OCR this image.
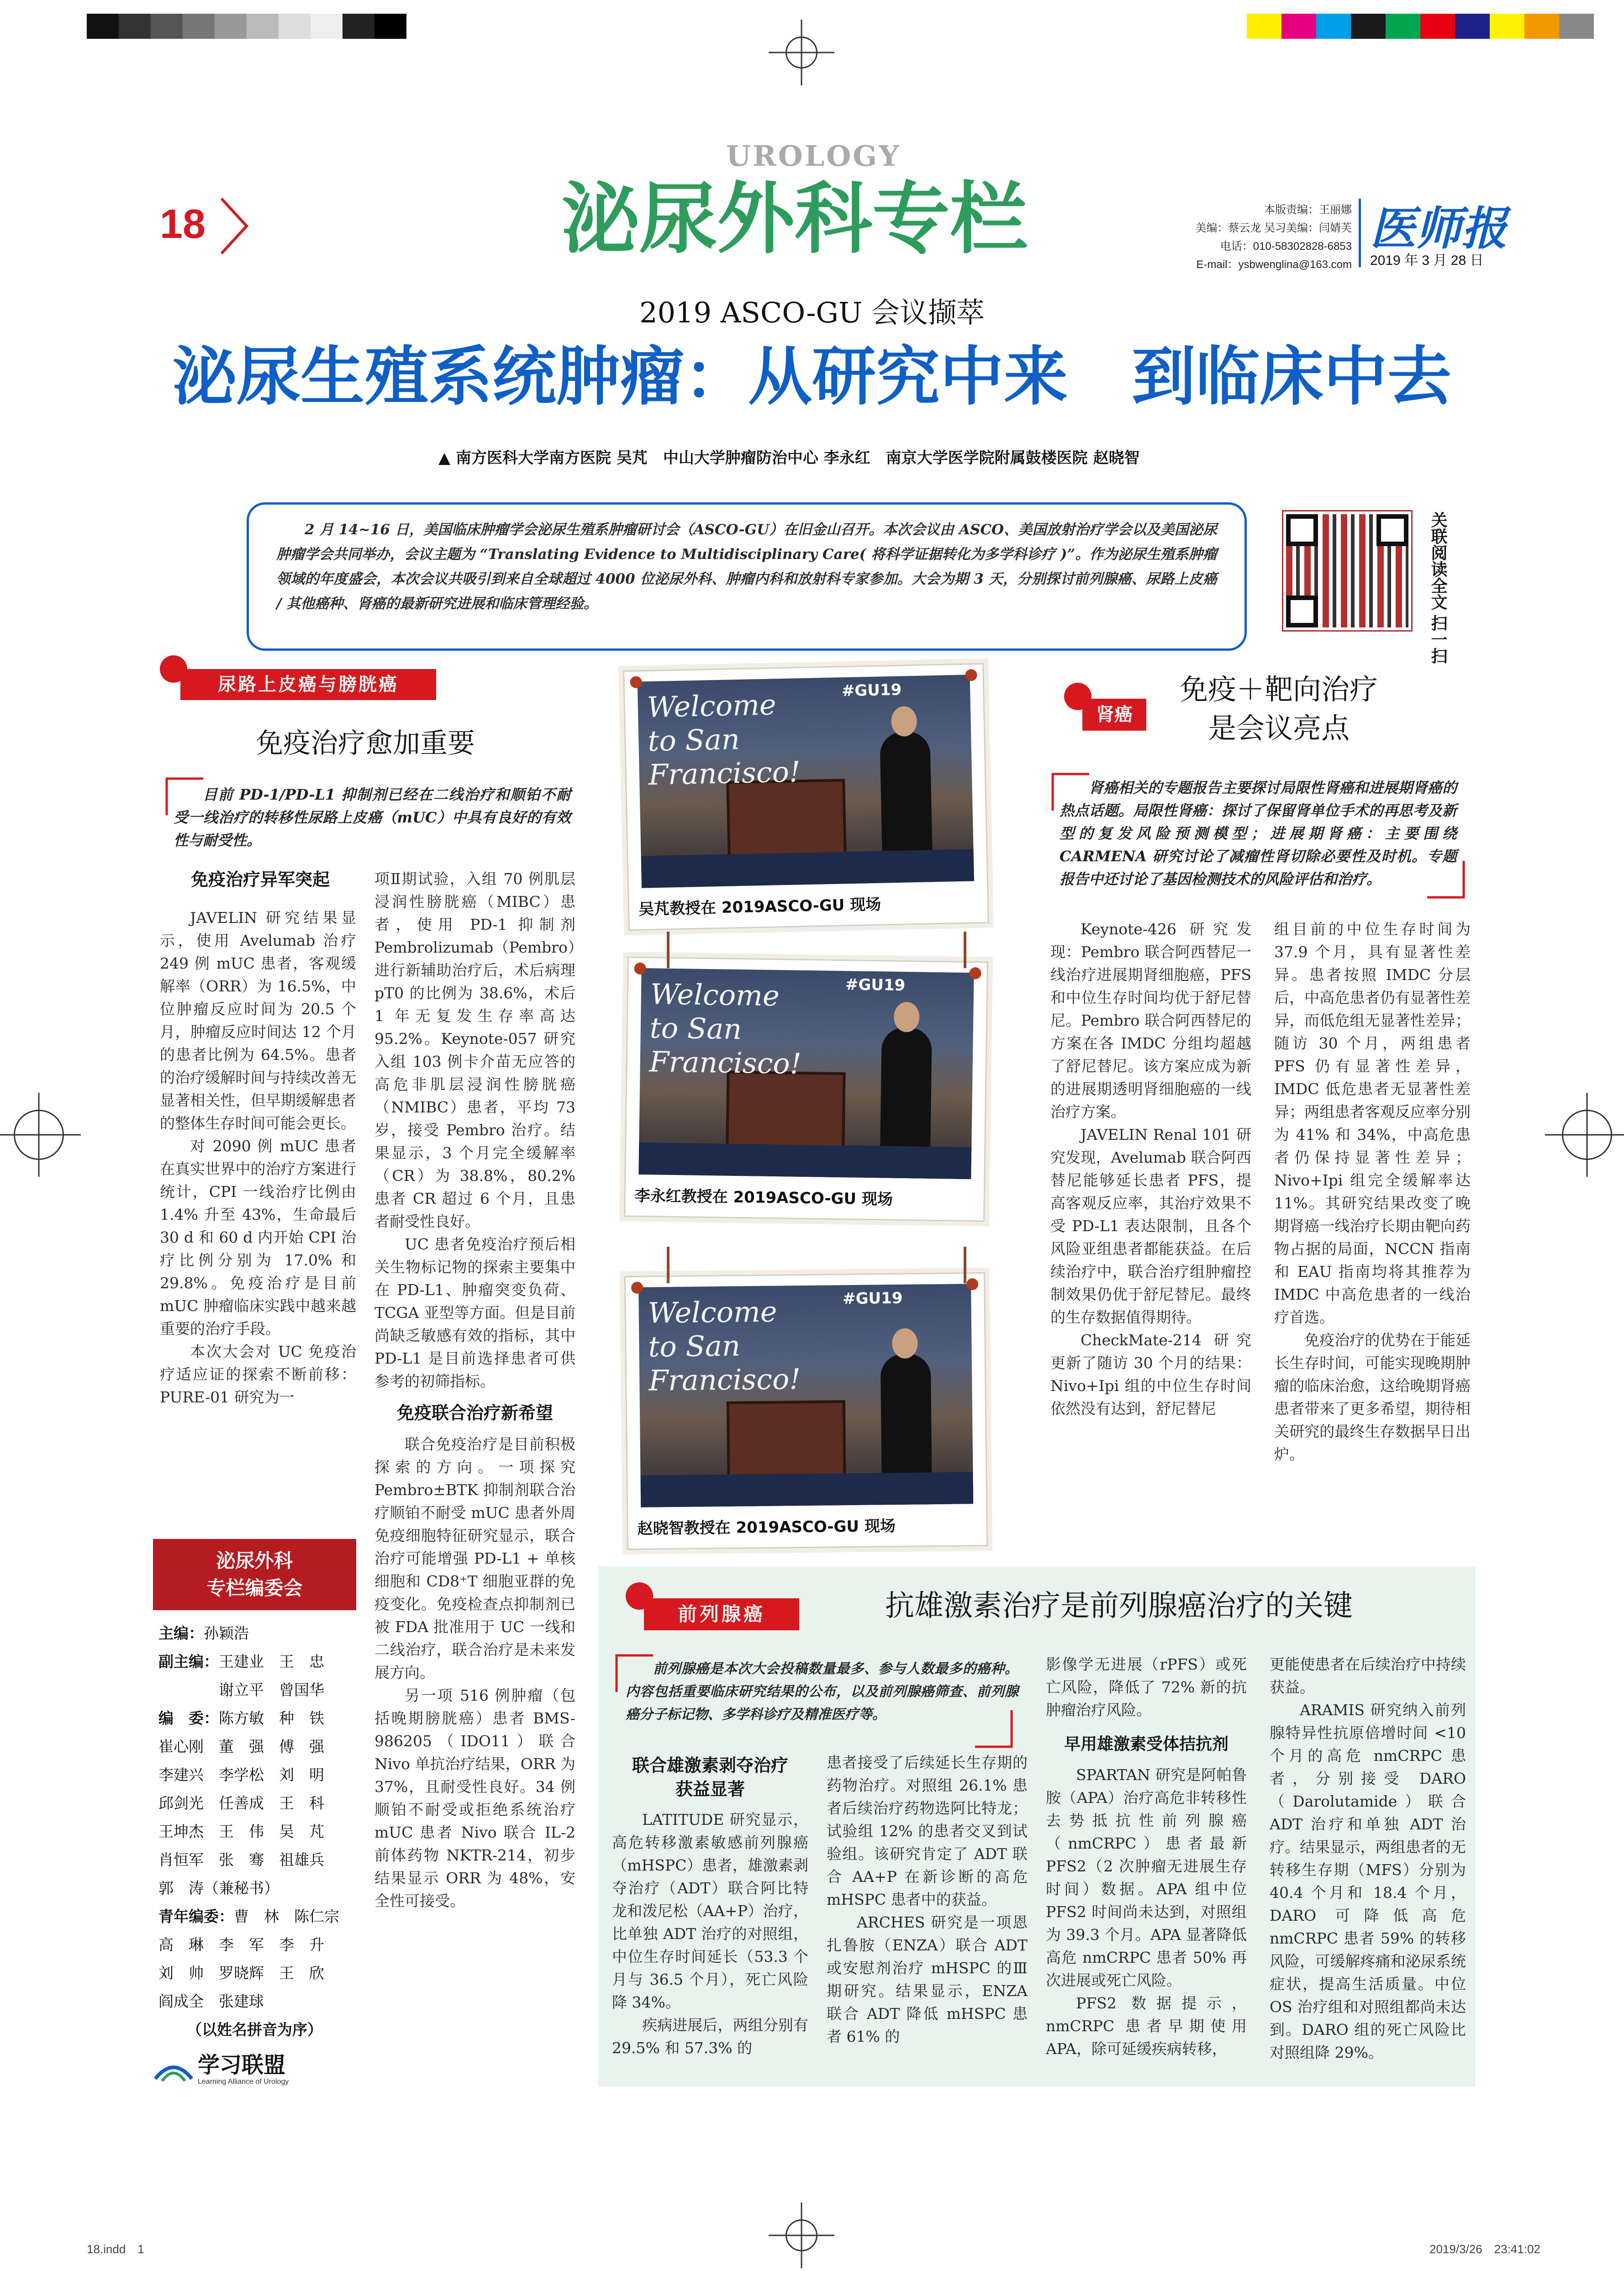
18
UROLOGY
泌尿外科专栏	本版责编：王丽娜
美编：蔡云龙 吴习美编：闫婧芙
电话：010-58302828-6853
E-mail：ysbwenglina@163.com
医师报
2019 年 3 月 28 日
2019 ASCO-GU 会议撷萃
泌尿生殖系统肿瘤：从研究中来　到临床中去
▲ 南方医科大学南方医院 吴芃　中山大学肿瘤防治中心 李永红　南京大学医学院附属鼓楼医院 赵晓智
2 月 14~16 日，美国临床肿瘤学会泌尿生殖系肿瘤研讨会（ASCO-GU）在旧金山召开。本次会议由 ASCO、美国放射治疗学会以及美国泌尿肿瘤学会共同举办，会议主题为 “Translating Evidence to Multidisciplinary Care( 将科学证据转化为多学科诊疗 )”。作为泌尿生殖系肿瘤领域的年度盛会，本次会议共吸引到来自全球超过 4000 位泌尿外科、肿瘤内科和放射科专家参加。大会为期 3 天，分别探讨前列腺癌、尿路上皮癌 / 其他癌种、肾癌的最新研究进展和临床管理经验。	关联阅读全文 扫一扫
尿路上皮癌与膀胱癌
免疫治疗愈加重要
目前 PD-1/PD-L1 抑制剂已经在二线治疗和顺铂不耐受一线治疗的转移性尿路上皮癌（mUC）中具有良好的有效性与耐受性。
免疫治疗异军突起

JAVELIN 研究结果显示，使用 Avelumab 治疗 249 例 mUC 患者，客观缓解率（ORR）为 16.5%，中位肿瘤反应时间为 20.5 个月，肿瘤反应时间达 12 个月的患者比例为 64.5%。患者的治疗缓解时间与持续改善无显著相关性，但早期缓解患者的整体生存时间可能会更长。

对 2090 例 mUC 患者在真实世界中的治疗方案进行统计，CPI 一线治疗比例由 1.4% 升至 43%，生命最后 30 d 和 60 d 内开始 CPI 治疗比例分别为 17.0% 和 29.8%。免疫治疗是目前 mUC 肿瘤临床实践中越来越重要的治疗手段。

本次大会对 UC 免疫治疗适应证的探索不断前移：PURE-01 研究为一

项Ⅱ期试验，入组 70 例肌层浸润性膀胱癌（MIBC）患者，使用 PD-1 抑制剂 Pembrolizumab（Pembro）进行新辅助治疗后，术后病理 pT0 的比例为 38.6%，术后 1 年无复发生存率高达 95.2%。Keynote-057 研究入组 103 例卡介苗无应答的高危非肌层浸润性膀胱癌（NMIBC）患者，平均 73 岁，接受 Pembro 治疗。结果显示，3 个月完全缓解率（CR）为 38.8%，80.2% 患者 CR 超过 6 个月，且患者耐受性良好。

UC 患者免疫治疗预后相关生物标记物的探索主要集中在 PD-L1、肿瘤突变负荷、TCGA 亚型等方面。但是目前尚缺乏敏感有效的指标，其中 PD-L1 是目前选择患者可供参考的初筛指标。

免疫联合治疗新希望

联合免疫治疗是目前积极探索的方向。一项探究 Pembro±BTK 抑制剂联合治疗顺铂不耐受 mUC 患者外周免疫细胞特征研究显示，联合治疗可能增强 PD-L1 + 单核细胞和 CD8⁺T 细胞亚群的免疫变化。免疫检查点抑制剂已被 FDA 批准用于 UC 一线和二线治疗，联合治疗是未来发展方向。

另一项 516 例肿瘤（包括晚期膀胱癌）患者 BMS-986205（IDO11）联合 Nivo 单抗治疗结果，ORR 为 37%，且耐受性良好。34 例顺铂不耐受或拒绝系统治疗 mUC 患者 Nivo 联合 IL-2 前体药物 NKTR-214，初步结果显示 ORR 为 48%，安全性可接受。

泌尿外科
专栏编委会
主编：孙颖浩
副主编：王建业　王　忠
　　　　谢立平　曾国华
编　委：陈方敏　种　铁
崔心刚　董　强　傅　强
李建兴　李学松　刘　明
邱剑光　任善成　王　科
王坤杰　王　伟　吴　芃
肖恒军　张　骞　祖雄兵
郭　涛（兼秘书）
青年编委：曹　林　陈仁宗
高　琳　李　军　李　升
刘　帅　罗晓辉　王　欣
阎成全　张建球
（以姓名拼音为序）
学习联盟
Learning Alliance of Urology
Welcome to San Francisco!
#GU19
吴芃教授在 2019ASCO-GU 现场
Welcome to San Francisco!
#GU19
李永红教授在 2019ASCO-GU 现场
Welcome to San Francisco!
#GU19
赵晓智教授在 2019ASCO-GU 现场
肾癌
免疫＋靶向治疗
是会议亮点
肾癌相关的专题报告主要探讨局限性肾癌和进展期肾癌的热点话题。局限性肾癌：探讨了保留肾单位手术的再思考及新型的复发风险预测模型；进展期肾癌：主要围绕 CARMENA 研究讨论了减瘤性肾切除必要性及时机。专题报告中还讨论了基因检测技术的风险评估和治疗。

Keynote-426 研究发现：Pembro 联合阿西替尼一线治疗进展期肾细胞癌，PFS 和中位生存时间均优于舒尼替尼。Pembro 联合阿西替尼的方案在各 IMDC 分组均超越了舒尼替尼。该方案应成为新的进展期透明肾细胞癌的一线治疗方案。

JAVELIN Renal 101 研究发现，Avelumab 联合阿西替尼能够延长患者 PFS，提高客观反应率，其治疗效果不受 PD-L1 表达限制，且各个风险亚组患者都能获益。在后续治疗中，联合治疗组肿瘤控制效果仍优于舒尼替尼。最终的生存数据值得期待。

CheckMate-214 研究更新了随访 30 个月的结果：Nivo+Ipi 组的中位生存时间依然没有达到，舒尼替尼

组目前的中位生存时间为 37.9 个月，具有显著性差异。患者按照 IMDC 分层后，中高危患者仍有显著性差异，而低危组无显著性差异；随访 30 个月，两组患者 PFS 仍有显著性差异，IMDC 低危患者无显著性差异；两组患者客观反应率分别为 41% 和 34%，中高危患者仍保持显著性差异；Nivo+Ipi 组完全缓解率达 11%。其研究结果改变了晚期肾癌一线治疗长期由靶向药物占据的局面，NCCN 指南和 EAU 指南均将其推荐为 IMDC 中高危患者的一线治疗首选。

免疫治疗的优势在于能延长生存时间，可能实现晚期肿瘤的临床治愈，这给晚期肾癌患者带来了更多希望，期待相关研究的最终生存数据早日出炉。

前列腺癌	抗雄激素治疗是前列腺癌治疗的关键
前列腺癌是本次大会投稿数量最多、参与人数最多的癌种。内容包括重要临床研究结果的公布，以及前列腺癌筛查、前列腺癌分子标记物、多学科诊疗及精准医疗等。
联合雄激素剥夺治疗
获益显著

LATITUDE 研究显示，高危转移激素敏感前列腺癌（mHSPC）患者，雄激素剥夺治疗（ADT）联合阿比特龙和泼尼松（AA+P）治疗，比单独 ADT 治疗的对照组，中位生存时间延长（53.3 个月与 36.5 个月），死亡风险降 34%。

疾病进展后，两组分别有 29.5% 和 57.3% 的

患者接受了后续延长生存期的药物治疗。对照组 26.1% 患者后续治疗药物选阿比特龙；试验组 12% 的患者交叉到试验组。该研究肯定了 ADT 联合 AA+P 在新诊断的高危 mHSPC 患者中的获益。

ARCHES 研究是一项恩扎鲁胺（ENZA）联合 ADT 或安慰剂治疗 mHSPC 的Ⅲ期研究。结果显示，ENZA 联合 ADT 降低 mHSPC 患者 61% 的

影像学无进展（rPFS）或死亡风险，降低了 72% 新的抗肿瘤治疗风险。

早用雄激素受体拮抗剂

SPARTAN 研究是阿帕鲁胺（APA）治疗高危非转移性去势抵抗性前列腺癌（nmCRPC）患者最新 PFS2（2 次肿瘤无进展生存时间）数据。APA 组中位 PFS2 时间尚未达到，对照组为 39.3 个月。APA 显著降低高危 nmCRPC 患者 50% 再次进展或死亡风险。

PFS2 数据提示，nmCRPC 患者早期使用 APA，除可延缓疾病转移，

更能使患者在后续治疗中持续获益。

ARAMIS 研究纳入前列腺特异性抗原倍增时间 <10 个月的高危 nmCRPC 患者，分别接受 DARO（Darolutamide）联合 ADT 治疗和单独 ADT 治疗。结果显示，两组患者的无转移生存期（MFS）分别为 40.4 个月和 18.4 个月，DARO 可降低高危 nmCRPC 患者 59% 的转移风险，可缓解疼痛和泌尿系统症状，提高生活质量。中位 OS 治疗组和对照组都尚未达到。DARO 组的死亡风险比对照组降 29%。

18.indd　1	2019/3/26　23:41:02
